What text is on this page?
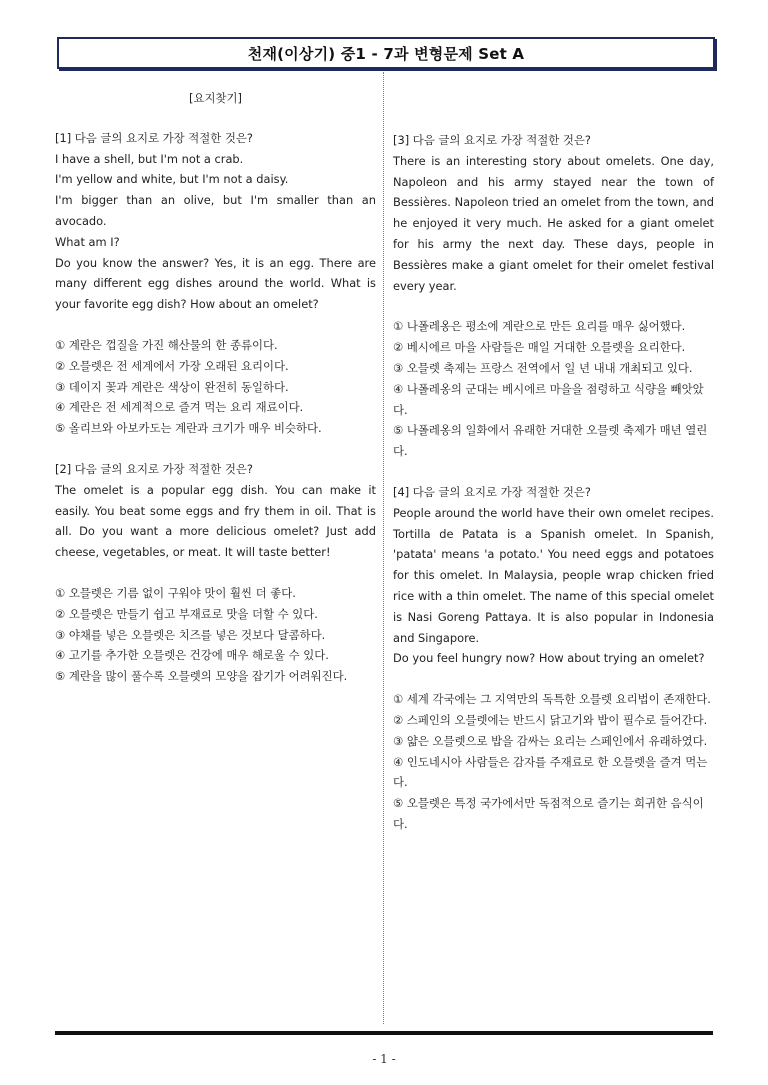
천재(이상기) 중1 - 7과 변형문제 Set A

[요지찾기]

[1] 다음 글의 요지로 가장 적절한 것은?

I have a shell, but I'm not a crab.

I'm yellow and white, but I'm not a daisy.

I'm bigger than an olive, but I'm smaller than an avocado.

What am I?

Do you know the answer? Yes, it is an egg. There are many different egg dishes around the world. What is your favorite egg dish? How about an omelet?

① 계란은 껍질을 가진 해산물의 한 종류이다.

② 오믈렛은 전 세계에서 가장 오래된 요리이다.

③ 데이지 꽃과 계란은 색상이 완전히 동일하다.

④ 계란은 전 세계적으로 즐겨 먹는 요리 재료이다.

⑤ 올리브와 아보카도는 계란과 크기가 매우 비슷하다.

[2] 다음 글의 요지로 가장 적절한 것은?

The omelet is a popular egg dish. You can make it easily. You beat some eggs and fry them in oil. That is all. Do you want a more delicious omelet? Just add cheese, vegetables, or meat. It will taste better!

① 오믈렛은 기름 없이 구워야 맛이 훨씬 더 좋다.

② 오믈렛은 만들기 쉽고 부재료로 맛을 더할 수 있다.

③ 야채를 넣은 오믈렛은 치즈를 넣은 것보다 달콤하다.

④ 고기를 추가한 오믈렛은 건강에 매우 해로울 수 있다.

⑤ 계란을 많이 풀수록 오믈렛의 모양을 잡기가 어려워진다.

[3] 다음 글의 요지로 가장 적절한 것은?

There is an interesting story about omelets. One day, Napoleon and his army stayed near the town of Bessières. Napoleon tried an omelet from the town, and he enjoyed it very much. He asked for a giant omelet for his army the next day. These days, people in Bessières make a giant omelet for their omelet festival every year.

① 나폴레옹은 평소에 계란으로 만든 요리를 매우 싫어했다.

② 베시에르 마을 사람들은 매일 거대한 오믈렛을 요리한다.

③ 오믈렛 축제는 프랑스 전역에서 일 년 내내 개최되고 있다.

④ 나폴레옹의 군대는 베시에르 마을을 점령하고 식량을 빼앗았다.

⑤ 나폴레옹의 일화에서 유래한 거대한 오믈렛 축제가 매년 열린다.

[4] 다음 글의 요지로 가장 적절한 것은?

People around the world have their own omelet recipes. Tortilla de Patata is a Spanish omelet. In Spanish, 'patata' means 'a potato.' You need eggs and potatoes for this omelet. In Malaysia, people wrap chicken fried rice with a thin omelet. The name of this special omelet is Nasi Goreng Pattaya. It is also popular in Indonesia and Singapore.

Do you feel hungry now? How about trying an omelet?

① 세계 각국에는 그 지역만의 독특한 오믈렛 요리법이 존재한다.

② 스페인의 오믈렛에는 반드시 닭고기와 밥이 필수로 들어간다.

③ 얇은 오믈렛으로 밥을 감싸는 요리는 스페인에서 유래하였다.

④ 인도네시아 사람들은 감자를 주재료로 한 오믈렛을 즐겨 먹는다.

⑤ 오믈렛은 특정 국가에서만 독점적으로 즐기는 희귀한 음식이다.

- 1 -
